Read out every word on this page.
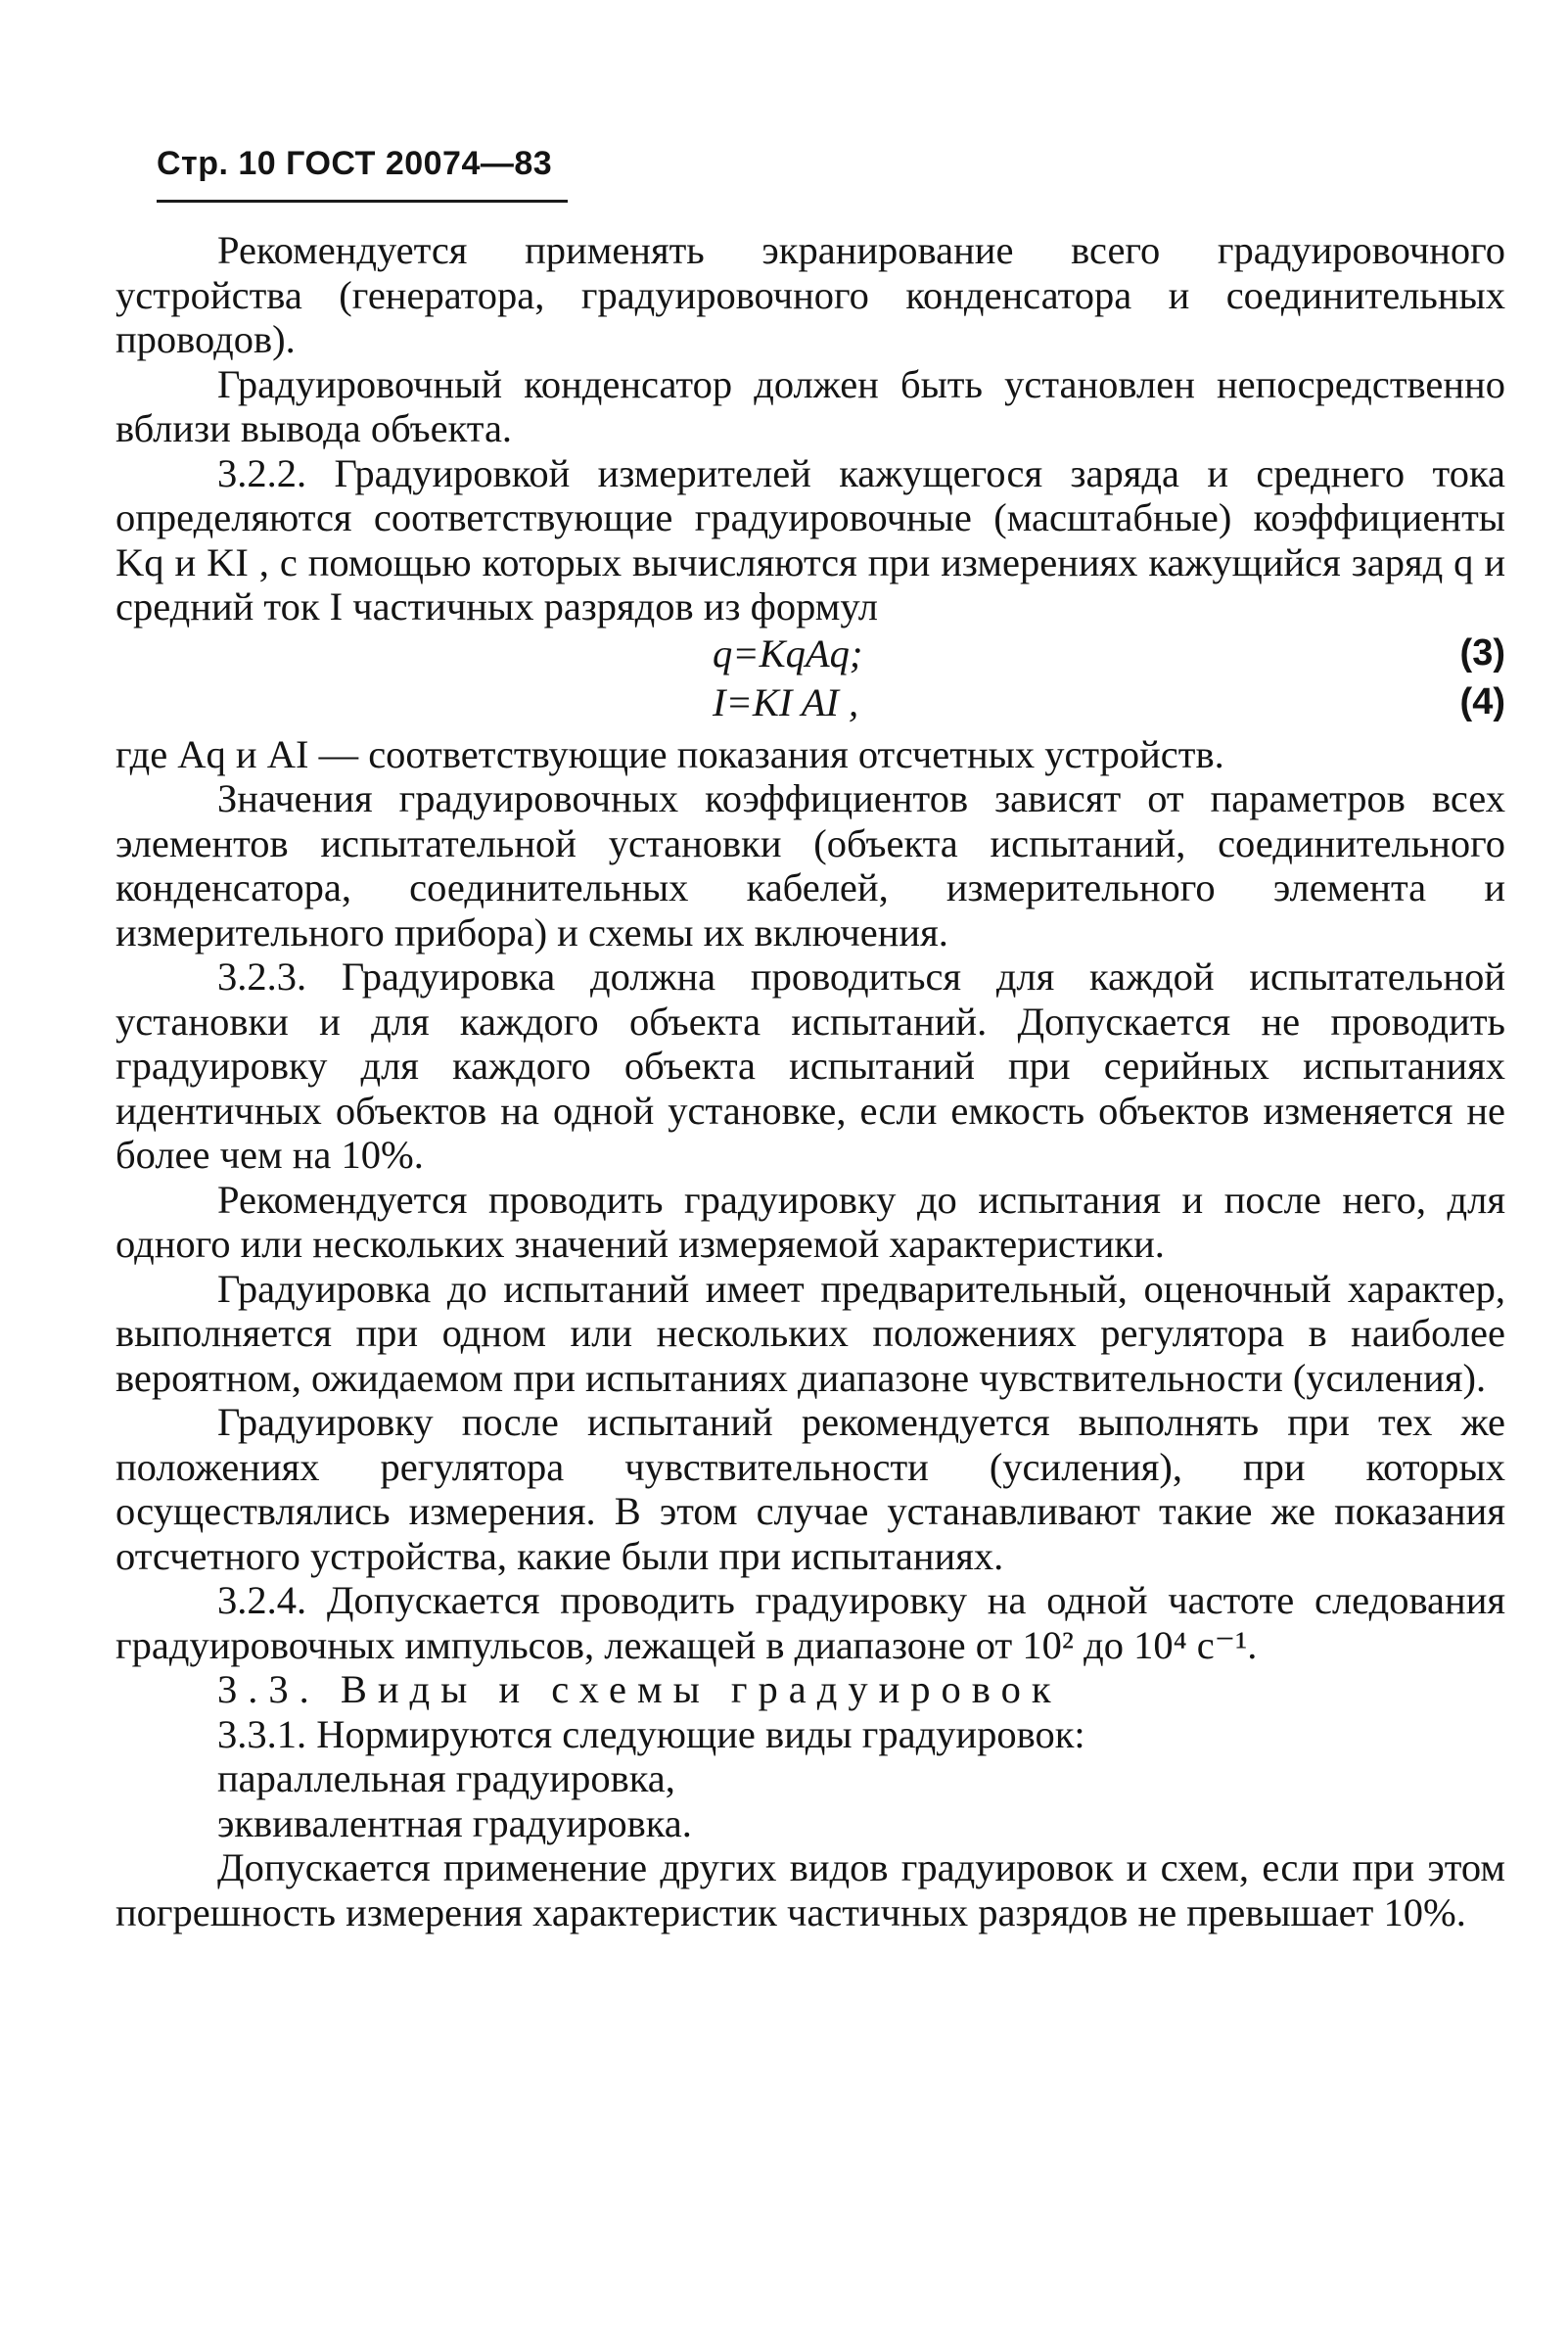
Стр. 10 ГОСТ 20074—83

Рекомендуется применять экранирование всего градуировочного устройства (генератора, градуировочного конденсатора и соединительных проводов).

Градуировочный конденсатор должен быть установлен непосредственно вблизи вывода объекта.

3.2.2. Градуировкой измерителей кажущегося заряда и среднего тока определяются соответствующие градуировочные (масштабные) коэффициенты Kq и KI , с помощью которых вычисляются при измерениях кажущийся заряд q и средний ток I частичных разрядов из формул

q=KqAq;	(3)
I=KI AI ,	(4)

где Aq и AI — соответствующие показания отсчетных устройств.

Значения градуировочных коэффициентов зависят от параметров всех элементов испытательной установки (объекта испытаний, соединительного конденсатора, соединительных кабелей, измерительного элемента и измерительного прибора) и схемы их включения.

3.2.3. Градуировка должна проводиться для каждой испытательной установки и для каждого объекта испытаний. Допускается не проводить градуировку для каждого объекта испытаний при серийных испытаниях идентичных объектов на одной установке, если емкость объектов изменяется не более чем на 10%.

Рекомендуется проводить градуировку до испытания и после него, для одного или нескольких значений измеряемой характеристики.

Градуировка до испытаний имеет предварительный, оценочный характер, выполняется при одном или нескольких положениях регулятора в наиболее вероятном, ожидаемом при испытаниях диапазоне чувствительности (усиления).

Градуировку после испытаний рекомендуется выполнять при тех же положениях регулятора чувствительности (усиления), при которых осуществлялись измерения. В этом случае устанавливают такие же показания отсчетного устройства, какие были при испытаниях.

3.2.4. Допускается проводить градуировку на одной частоте следования градуировочных импульсов, лежащей в диапазоне от 10² до 10⁴ с⁻¹.

3.3. Виды и схемы градуировок

3.3.1. Нормируются следующие виды градуировок:

параллельная градуировка,

эквивалентная градуировка.

Допускается применение других видов градуировок и схем, если при этом погрешность измерения характеристик частичных разрядов не превышает 10%.
